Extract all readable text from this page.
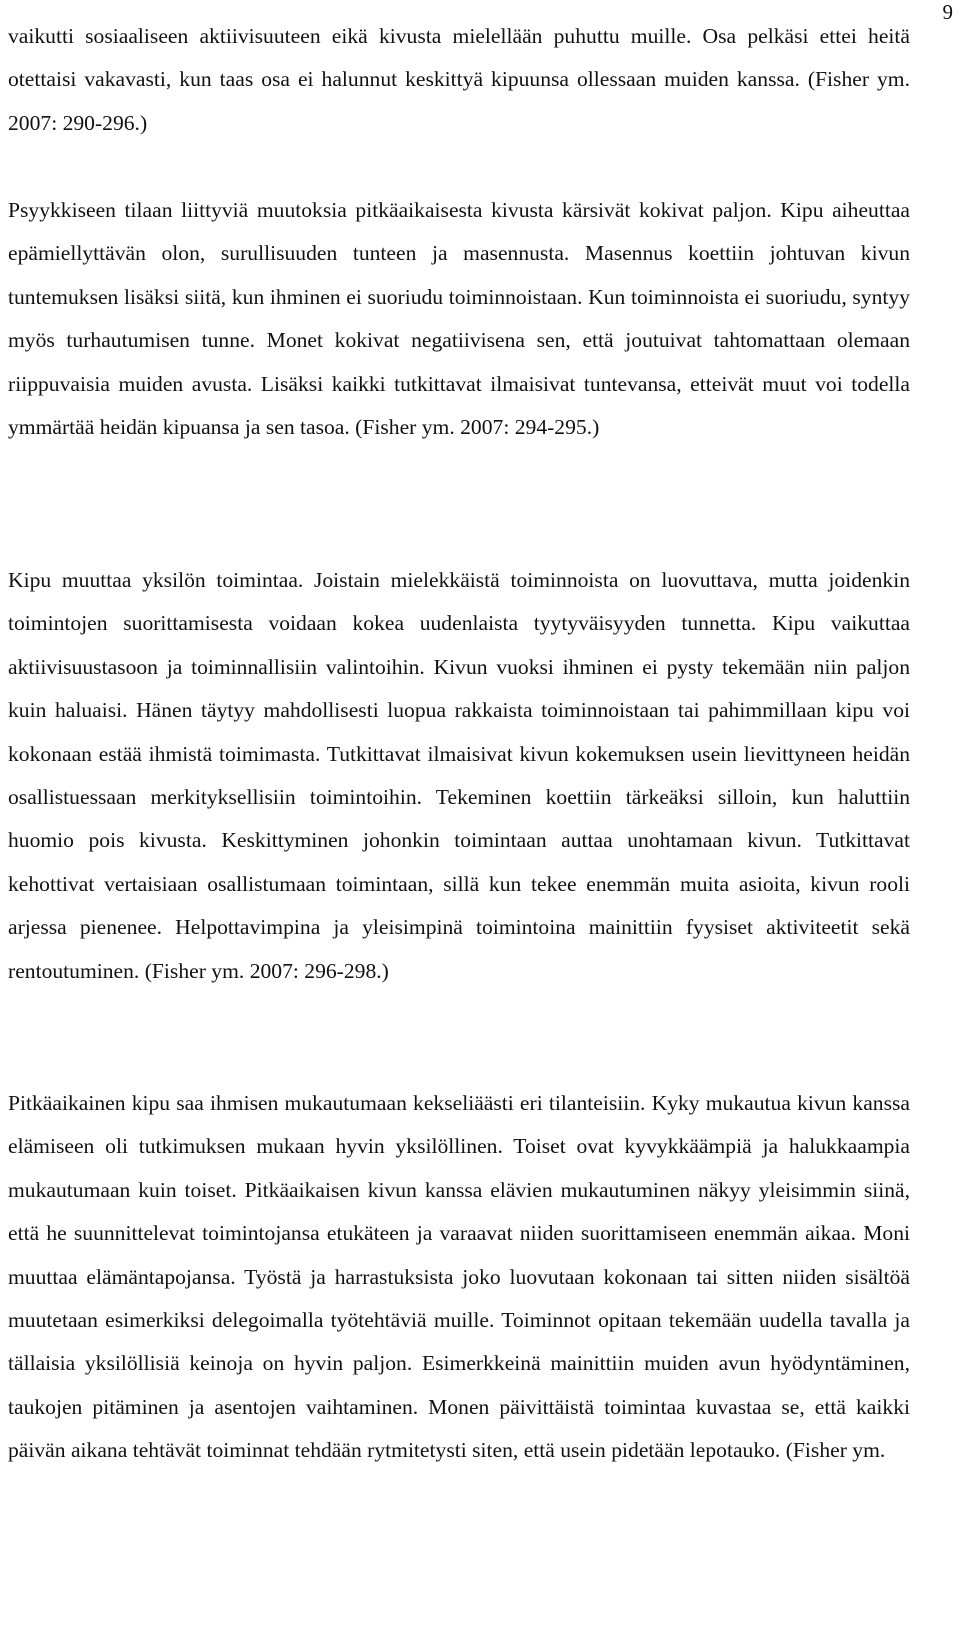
9

vaikutti sosiaaliseen aktiivisuuteen eikä kivusta mielellään puhuttu muille. Osa pelkäsi ettei heitä otettaisi vakavasti, kun taas osa ei halunnut keskittyä kipuunsa ollessaan muiden kanssa. (Fisher ym. 2007: 290-296.)

Psyykkiseen tilaan liittyviä muutoksia pitkäaikaisesta kivusta kärsivät kokivat paljon. Kipu aiheuttaa epämiellyttävän olon, surullisuuden tunteen ja masennusta. Masennus koettiin johtuvan kivun tuntemuksen lisäksi siitä, kun ihminen ei suoriudu toiminnoistaan. Kun toiminnoista ei suoriudu, syntyy myös turhautumisen tunne. Monet kokivat negatiivisena sen, että joutuivat tahtomattaan olemaan riippuvaisia muiden avusta. Lisäksi kaikki tutkittavat ilmaisivat tuntevansa, etteivät muut voi todella ymmärtää heidän kipuansa ja sen tasoa. (Fisher ym. 2007: 294-295.)

Kipu muuttaa yksilön toimintaa. Joistain mielekkäistä toiminnoista on luovuttava, mutta joidenkin toimintojen suorittamisesta voidaan kokea uudenlaista tyytyväisyyden tunnetta. Kipu vaikuttaa aktiivisuustasoon ja toiminnallisiin valintoihin. Kivun vuoksi ihminen ei pysty tekemään niin paljon kuin haluaisi. Hänen täytyy mahdollisesti luopua rakkaista toiminnoistaan tai pahimmillaan kipu voi kokonaan estää ihmistä toimimasta. Tutkittavat ilmaisivat kivun kokemuksen usein lievittyneen heidän osallistuessaan merkityksellisiin toimintoihin. Tekeminen koettiin tärkeäksi silloin, kun haluttiin huomio pois kivusta. Keskittyminen johonkin toimintaan auttaa unohtamaan kivun. Tutkittavat kehottivat vertaisiaan osallistumaan toimintaan, sillä kun tekee enemmän muita asioita, kivun rooli arjessa pienenee. Helpottavimpina ja yleisimpinä toimintoina mainittiin fyysiset aktiviteetit sekä rentoutuminen. (Fisher ym. 2007: 296-298.)

Pitkäaikainen kipu saa ihmisen mukautumaan kekseliäästi eri tilanteisiin. Kyky mukautua kivun kanssa elämiseen oli tutkimuksen mukaan hyvin yksilöllinen. Toiset ovat kyvykkäämpiä ja halukkaampia mukautumaan kuin toiset. Pitkäaikaisen kivun kanssa elävien mukautuminen näkyy yleisimmin siinä, että he suunnittelevat toimintojansa etukäteen ja varaavat niiden suorittamiseen enemmän aikaa. Moni muuttaa elämäntapojansa. Työstä ja harrastuksista joko luovutaan kokonaan tai sitten niiden sisältöä muutetaan esimerkiksi delegoimalla työtehtäviä muille. Toiminnot opitaan tekemään uudella tavalla ja tällaisia yksilöllisiä keinoja on hyvin paljon. Esimerkkeinä mainittiin muiden avun hyödyntäminen, taukojen pitäminen ja asentojen vaihtaminen. Monen päivittäistä toimintaa kuvastaa se, että kaikki päivän aikana tehtävät toiminnat tehdään rytmitetysti siten, että usein pidetään lepotauko. (Fisher ym.
